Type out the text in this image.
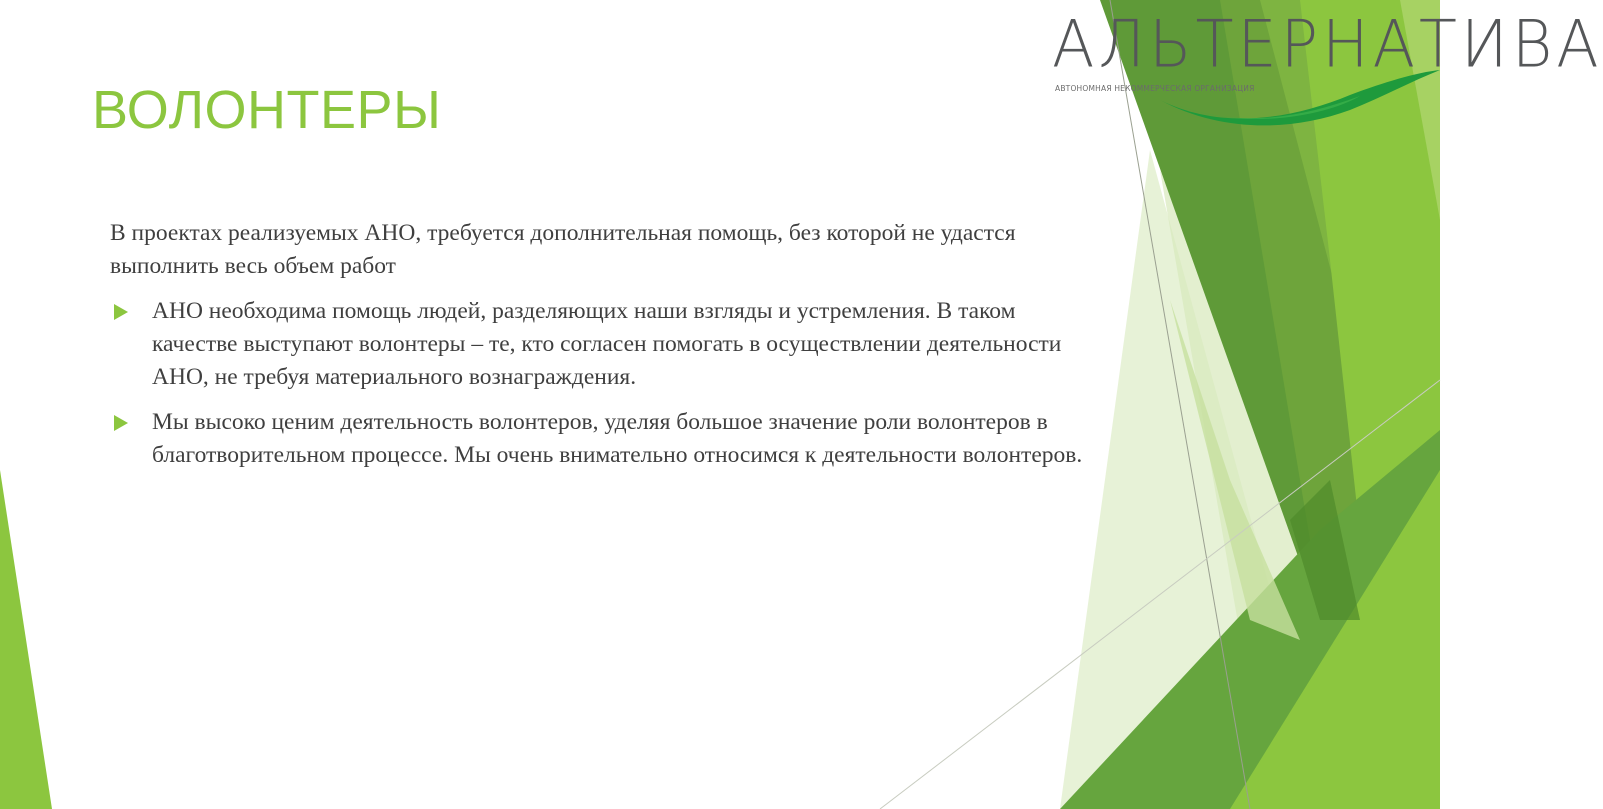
АЛЬТЕРНАТИВА
АВТОНОМНАЯ НЕКОММЕРЧЕСКАЯ ОРГАНИЗАЦИЯ
ВОЛОНТЕРЫ

В проектах реализуемых АНО, требуется дополнительная помощь, без которой не удастся выполнить весь объем работ

АНО необходима помощь людей, разделяющих наши взгляды и устремления. В таком качестве выступают волонтеры – те, кто согласен помогать в осуществлении деятельности АНО, не требуя материального вознаграждения.
Мы высоко ценим деятельность волонтеров, уделяя большое значение роли волонтеров в благотворительном процессе. Мы очень внимательно относимся к деятельности волонтеров.
